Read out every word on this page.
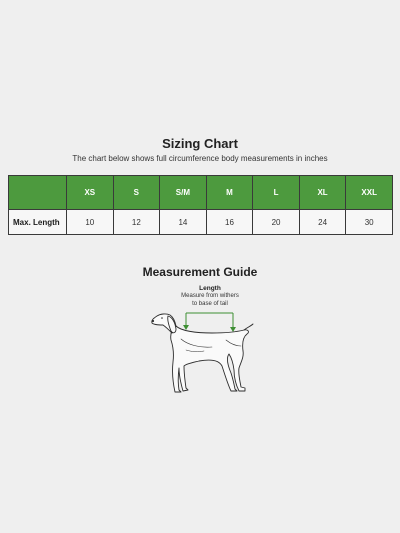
Sizing Chart
The chart below shows full circumference body measurements in inches
	XS	S	S/M	M	L	XL	XXL
Max. Length	10	12	14	16	20	24	30
Measurement Guide
Length
Measure from withers
to base of tail
